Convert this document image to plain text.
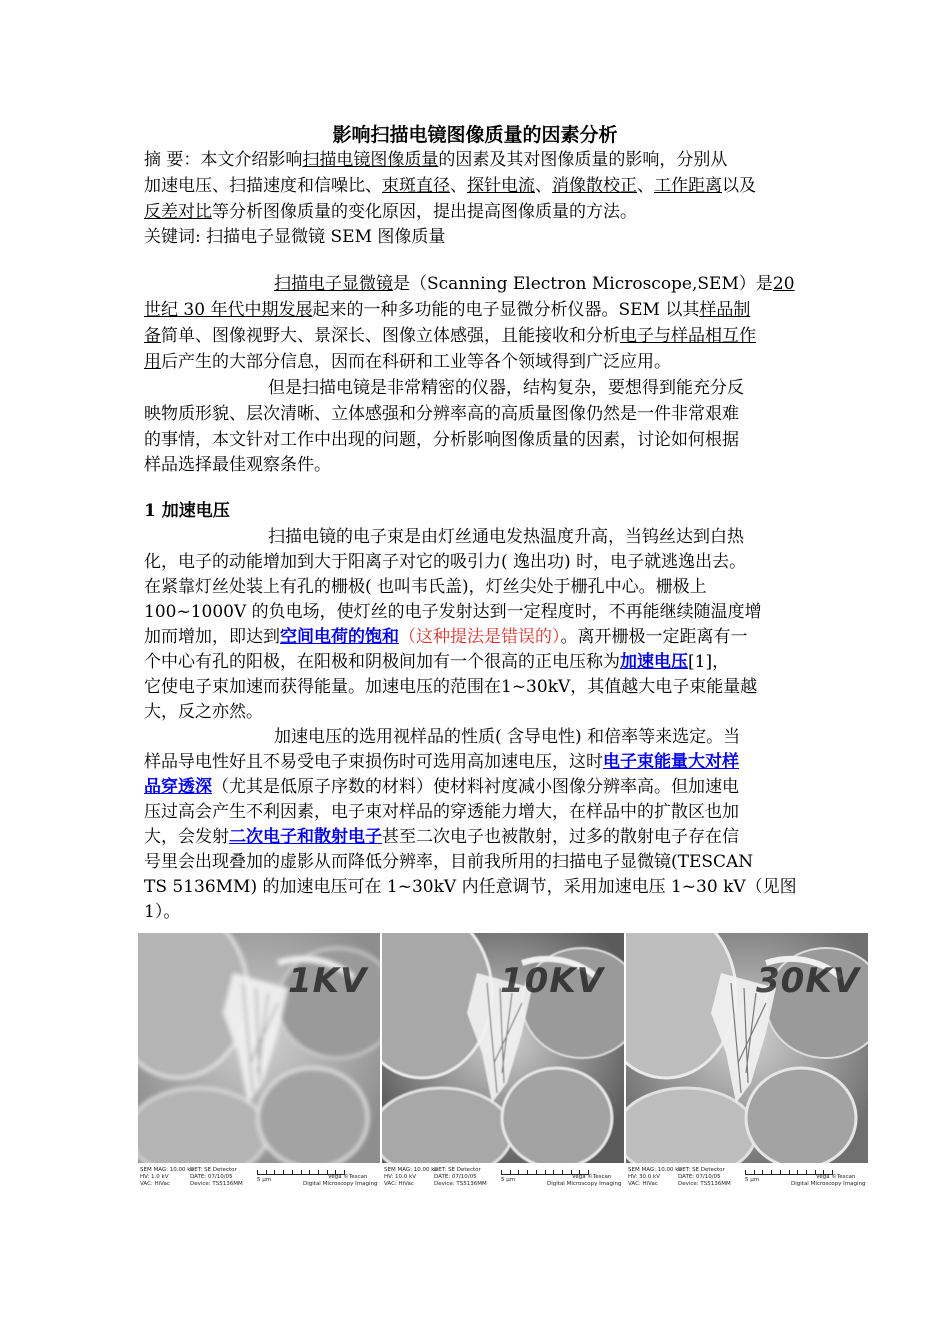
影响扫描电镜图像质量的因素分析
摘 要：本文介绍影响扫描电镜图像质量的因素及其对图像质量的影响，分别从
加速电压、扫描速度和信噪比、束斑直径、探针电流、消像散校正、工作距离以及
反差对比等分析图像质量的变化原因，提出提高图像质量的方法。
关键词: 扫描电子显微镜 SEM 图像质量
扫描电子显微镜是（Scanning Electron Microscope,SEM）是20
世纪 30 年代中期发展起来的一种多功能的电子显微分析仪器。SEM 以其样品制
备简单、图像视野大、景深长、图像立体感强，且能接收和分析电子与样品相互作
用后产生的大部分信息，因而在科研和工业等各个领域得到广泛应用。
但是扫描电镜是非常精密的仪器，结构复杂，要想得到能充分反
映物质形貌、层次清晰、立体感强和分辨率高的高质量图像仍然是一件非常艰难
的事情，本文针对工作中出现的问题，分析影响图像质量的因素，讨论如何根据
样品选择最佳观察条件。
1 加速电压
扫描电镜的电子束是由灯丝通电发热温度升高，当钨丝达到白热
化，电子的动能增加到大于阳离子对它的吸引力( 逸出功) 时，电子就逃逸出去。
在紧靠灯丝处装上有孔的栅极( 也叫韦氏盖)，灯丝尖处于栅孔中心。栅极上
100~1000V 的负电场，使灯丝的电子发射达到一定程度时，不再能继续随温度增
加而增加，即达到空间电荷的饱和（这种提法是错误的）。离开栅极一定距离有一
个中心有孔的阳极，在阳极和阴极间加有一个很高的正电压称为加速电压[1]，
它使电子束加速而获得能量。加速电压的范围在1~30kV，其值越大电子束能量越
大，反之亦然。
加速电压的选用视样品的性质( 含导电性) 和倍率等来选定。当
样品导电性好且不易受电子束损伤时可选用高加速电压，这时电子束能量大对样
品穿透深（尤其是低原子序数的材料）使材料衬度减小图像分辨率高。但加速电
压过高会产生不利因素，电子束对样品的穿透能力增大，在样品中的扩散区也加
大，会发射二次电子和散射电子甚至二次电子也被散射，过多的散射电子存在信
号里会出现叠加的虚影从而降低分辨率，目前我所用的扫描电子显微镜(TESCAN
TS 5136MM) 的加速电压可在 1~30kV 内任意调节，采用加速电压 1~30 kV（见图
1）。
1KV
SEM MAG: 10.00 kx
HV: 1.0 kV
VAC: HiVac
DET: SE Detector
DATE: 07/10/05
Device: TS5136MM
5 µm	Vega ©Tescan
Digital Microscopy Imaging
10KV
SEM MAG: 10.00 kx
HV: 10.0 kV
VAC: HiVac
DET: SE Detector
DATE: 07/10/05
Device: TS5136MM
5 µm	Vega ©Tescan
Digital Microscopy Imaging
30KV
SEM MAG: 10.00 kx
HV: 30.0 kV
VAC: HiVac
DET: SE Detector
DATE: 07/10/05
Device: TS5136MM
5 µm	Vega ©Tescan
Digital Microscopy Imaging
